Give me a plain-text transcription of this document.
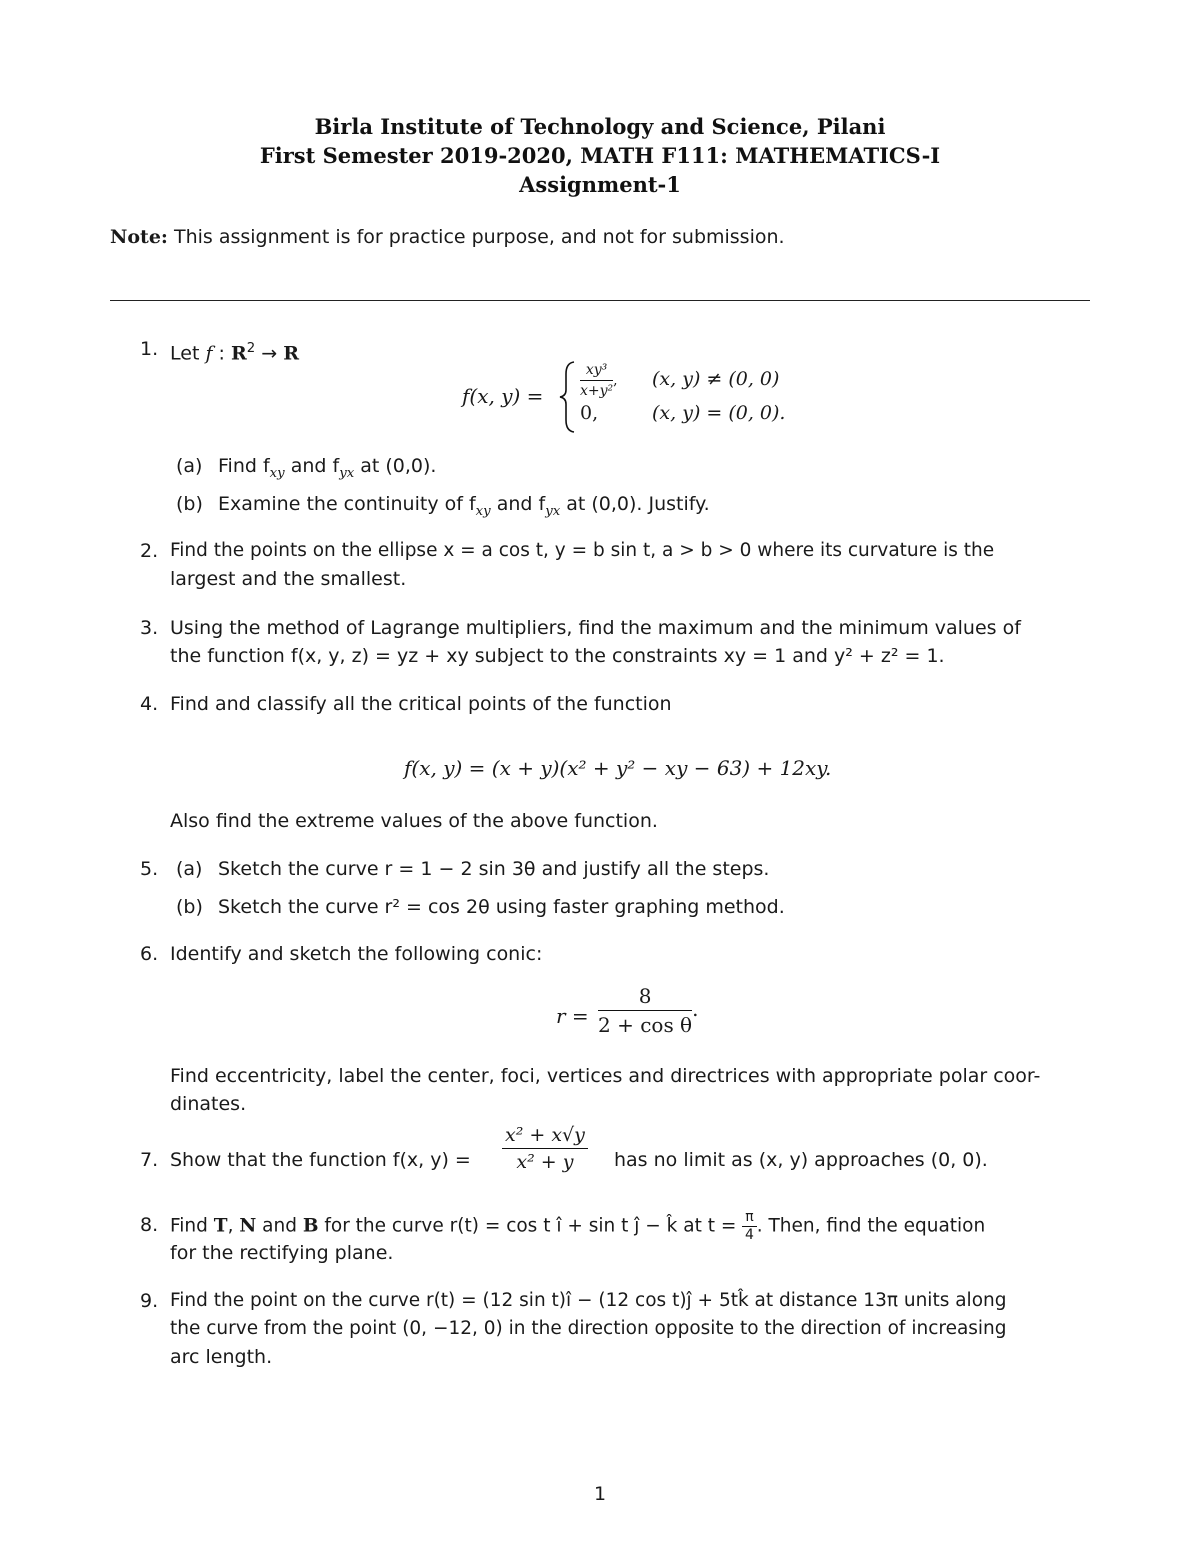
Birla Institute of Technology and Science, Pilani
First Semester 2019-2020, MATH F111: MATHEMATICS-I
Assignment-1
Note: This assignment is for practice purpose, and not for submission.
1. Let f : $R^2 \to R$
f(x, y) =	$\frac{\text{xy³}}{\text{x+y²}}$ , (x, y) ≠ (0, 0)
0,	(x, y) = (0, 0).
(a) Find $f_{xy}$ and $f_{yx}$ at (0,0).
(b) Examine the continuity of $f_{xy}$ and $f_{yx}$ at (0,0). Justify.
2. Find the points on the ellipse x = a cos t, y = b sin t, a > b > 0 where its curvature is the
largest and the smallest.
3. Using the method of Lagrange multipliers, find the maximum and the minimum values of
the function f(x, y, z) = yz + xy subject to the constraints xy = 1 and y² + z² = 1.
4. Find and classify all the critical points of the function
f(x, y) = (x + y)(x² + y² − xy − 63) + 12xy.
Also find the extreme values of the above function.
5. (a) Sketch the curve r = 1 − 2 sin 3θ and justify all the steps.
(b) Sketch the curve r² = cos 2θ using faster graphing method.
6. Identify and sketch the following conic:
$r = \frac{8}{\text{2 + cos θ}}$ .
Find eccentricity, label the center, foci, vertices and directrices with appropriate polar coor-
dinates.
7. Show that the function f(x, $y) = \frac{\text{x² + x√y}}{\text{x² + y}}$ has no limit as (x, y) approaches (0, 0).
8. Find T, N and B for the curve r(t) = cos t î + sin t ĵ − k̂ at $t = \frac{\pi}{4}$ . Then, find the equation
for the rectifying plane.
9. Find the point on the curve r(t) = (12 sin t)î − (12 cos t)ĵ + 5tk̂ at distance 13π units along
the curve from the point (0, −12, 0) in the direction opposite to the direction of increasing
arc length.
1
